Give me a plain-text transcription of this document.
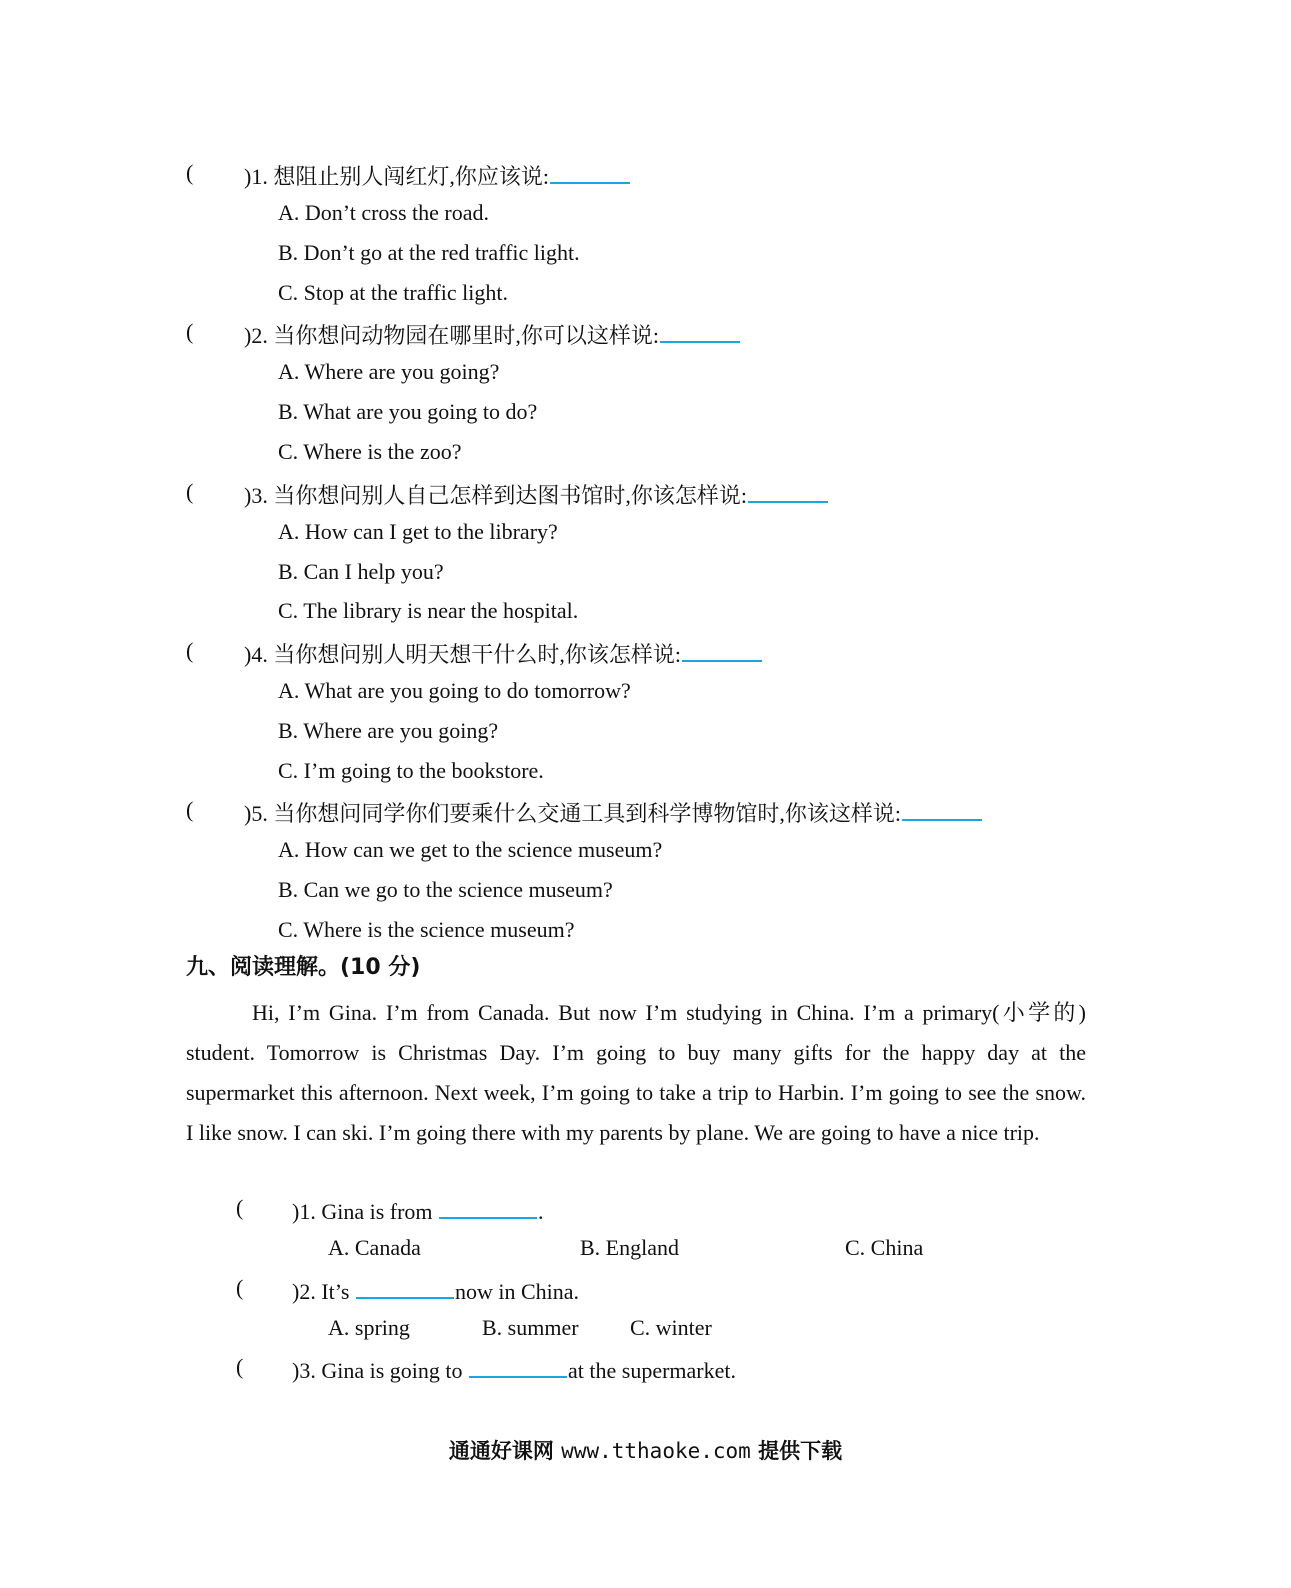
( )1. 想阻止别人闯红灯,你应该说:
A. Don’t cross the road.
B. Don’t go at the red traffic light.
C. Stop at the traffic light.
( )2. 当你想问动物园在哪里时,你可以这样说:
A. Where are you going?
B. What are you going to do?
C. Where is the zoo?
( )3. 当你想问别人自己怎样到达图书馆时,你该怎样说:
A. How can I get to the library?
B. Can I help you?
C. The library is near the hospital.
( )4. 当你想问别人明天想干什么时,你该怎样说:
A. What are you going to do tomorrow?
B. Where are you going?
C. I’m going to the bookstore.
( )5. 当你想问同学你们要乘什么交通工具到科学博物馆时,你该这样说:
A. How can we get to the science museum?
B. Can we go to the science museum?
C. Where is the science museum?
九、阅读理解。(10 分)
Hi, I’m Gina. I’m from Canada. But now I’m studying in China. I’m a primary(小学的) student. Tomorrow is Christmas Day. I’m going to buy many gifts for the happy day at the supermarket this afternoon. Next week, I’m going to take a trip to Harbin. I’m going to see the snow. I like snow. I can ski. I’m going there with my parents by plane. We are going to have a nice trip.
( )1. Gina is from	.
A. Canada	B. England	C. China
( )2. It’s	now in China.
A. spring	B. summer C. winter
( )3. Gina is going to	at the supermarket.
通通好课网 www.tthaoke.com 提供下载
